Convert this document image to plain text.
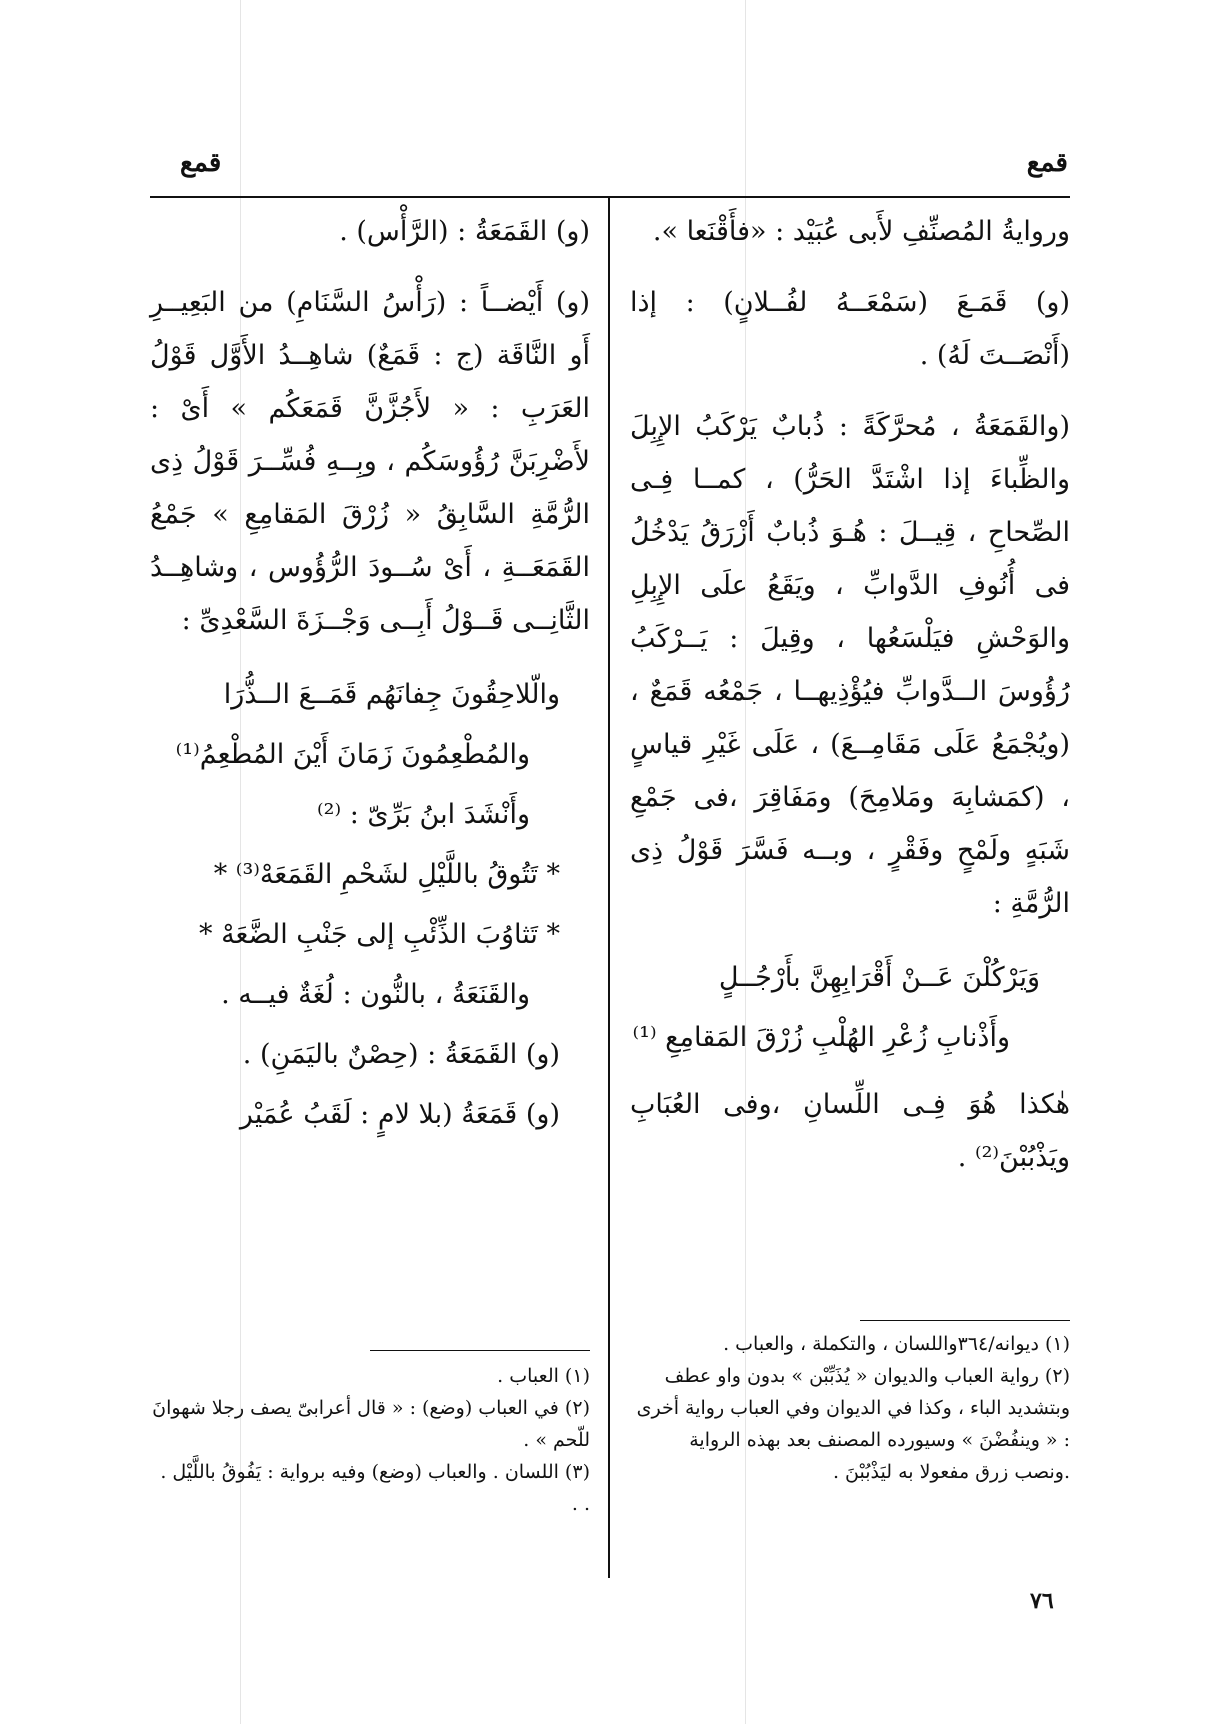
قمع
قمع

وروايةُ المُصنِّفِ لأَبى عُبَيْد : «فأَقْنَعا ».

(و) قَمَـعَ (سَمْعَــهُ لفُــلانٍ) : إذا (أَنْصَــتَ لَهُ) .

(والقَمَعَةُ ، مُحرَّكَةً : ذُبابٌ يَرْكَبُ الإِبِلَ والظِّباءَ إذا اشْتَدَّ الحَرُّ) ، كمــا فِـى الصِّحاحِ ، قِيــلَ : هُـوَ ذُبابٌ أَزْرَقُ يَدْخُلُ فى أُنُوفِ الدَّوابِّ ، ويَقَعُ علَى الإِبِلِ والوَحْشِ فيَلْسَعُها ، وقِيلَ : يَــرْكَبُ رُؤُوسَ الــدَّوابِّ فيُؤْذِيهــا ، جَمْعُه قَمَعٌ ، (ويُجْمَعُ عَلَى مَقَامِــعَ) ، عَلَى غَيْرِ قياسٍ ، (كمَشابِهَ ومَلامِحَ) ومَفَاقِرَ ،فى جَمْعِ شَبَهٍ ولَمْحٍ وفَقْرٍ ، وبــه فَسَّرَ قَوْلُ ذِى الرُّمَّةِ :

وَيَرْكُلْنَ عَــنْ أَقْرَابِهِنَّ بأَرْجُــلٍ

وأَذْنابِ زُعْرِ الهُلْبِ زُرْقَ المَقامِعِ ⁽¹⁾

هٰكذا هُوَ فِـى اللِّسانِ ،وفى العُبَابِ ويَذْبُبْنَ⁽²⁾ .

(١) ديوانه/٣٦٤واللسان ، والتكملة ، والعباب .
(٢) رواية العباب والديوان « يُذَبِّبْن » بدون واو عطف وبتشديد الباء ، وكذا في الديوان وفي العباب رواية أخرى : « وينفُضْنَ » وسيورده المصنف بعد بهذه الرواية .ونصب زرق مفعولا به ليَذْبُبْنَ .

(و) القَمَعَةُ : (الرَّأْس) .

(و) أَيْضــاً : (رَأْسُ السَّنَامِ) من البَعِيــرِ أَو النَّاقَة (ج : قَمَعٌ) شاهِــدُ الأَوَّل قَوْلُ العَرَبِ : « لأَجُزَّنَّ قَمَعَكُم » أَىْ : لأَضْرِبَنَّ رُؤُوسَكُم ، وبِــهِ فُسِّــرَ قَوْلُ ذِى الرُّمَّةِ السَّابِقُ « زُرْقَ المَقامِعِ » جَمْعُ القَمَعَــةِ ، أَىْ سُــودَ الرُّؤُوس ، وشاهِــدُ الثَّانِــى قَــوْلُ أَبِــى وَجْــزَةَ السَّعْدِىِّ :

والّلاحِقُونَ جِفانَهُم قَمَــعَ الــذُّرَا

والمُطْعِمُونَ زَمَانَ أَيْنَ المُطْعِمُ⁽¹⁾

وأَنْشَدَ ابنُ بَرِّىّ : ⁽²⁾

* تَتُوقُ باللَّيْلِ لشَحْمِ القَمَعَهْ⁽³⁾ *

* تَثاوُبَ الذِّئْبِ إلى جَنْبِ الضَّعَهْ *

والقَنَعَةُ ، بالنُّون : لُغَةٌ فيــه .

(و) القَمَعَةُ : (حِصْنٌ باليَمَنِ) .

(و) قَمَعَةُ (بلا لامٍ : لَقَبُ عُمَيْر

(١) العباب .
(٢) في العباب (وضع) : « قال أعرابىّ يصف رجلا شهوانَ للّحم » .
(٣) اللسان . والعباب (وضع) وفيه برواية : يَفُوقُ باللَّيْل . . .
٧٦
